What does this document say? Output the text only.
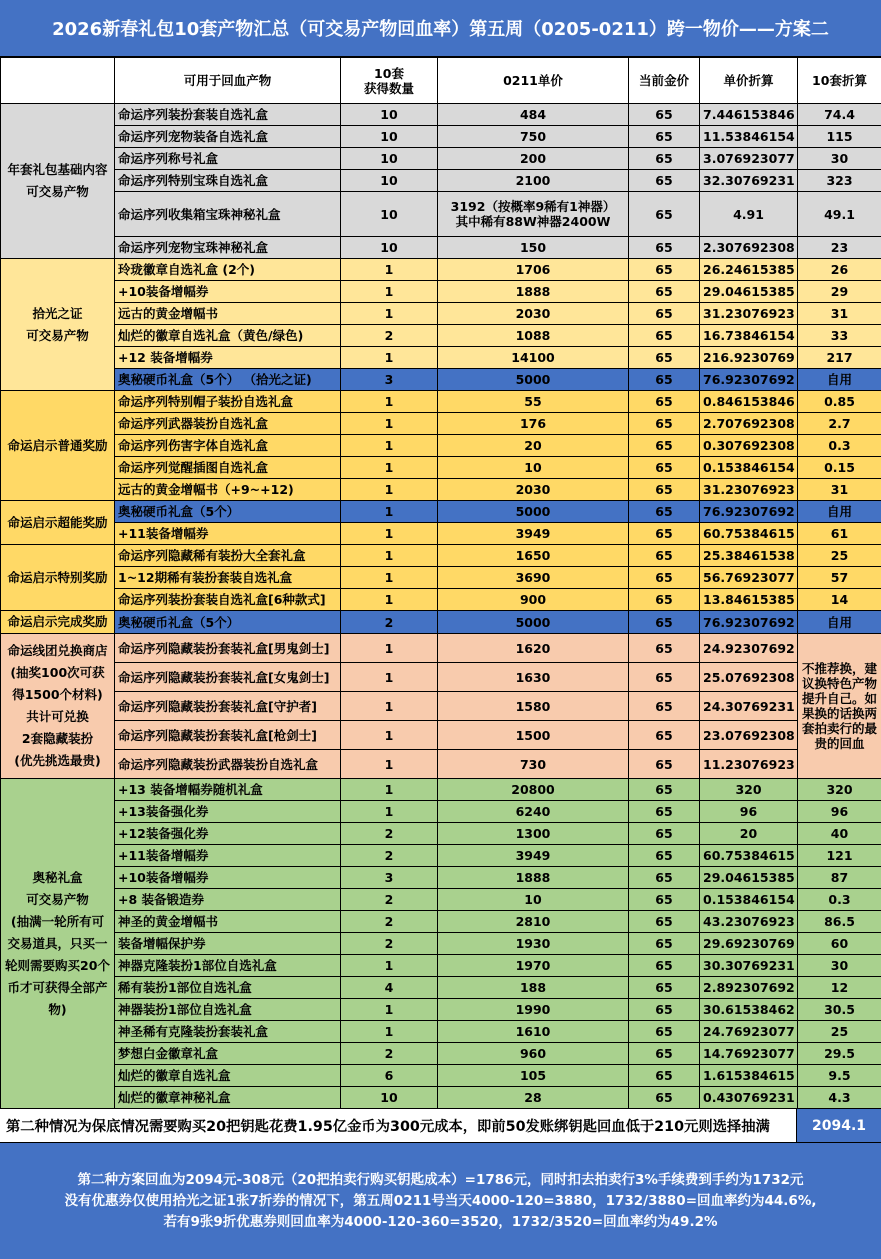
2026新春礼包10套产物汇总（可交易产物回血率）第五周（0205-0211）跨一物价——方案二
	可用于回血产物	10套
获得数量	0211单价	当前金价	单价折算	10套折算
年套礼包基础内容
可交易产物	命运序列装扮套装自选礼盒	10	484	65	7.446153846	74.4
	命运序列宠物装备自选礼盒	10	750	65	11.53846154	115
	命运序列称号礼盒	10	200	65	3.076923077	30
	命运序列特别宝珠自选礼盒	10	2100	65	32.30769231	323
	命运序列收集箱宝珠神秘礼盒	10	3192（按概率9稀有1神器）
其中稀有88W神器2400W	65	4.91	49.1
	命运序列宠物宝珠神秘礼盒	10	150	65	2.307692308	23
拾光之证
可交易产物	玲珑徽章自选礼盒 (2个)	1	1706	65	26.24615385	26
	+10装备增幅券	1	1888	65	29.04615385	29
	远古的黄金增幅书	1	2030	65	31.23076923	31
	灿烂的徽章自选礼盒（黄色/绿色)	2	1088	65	16.73846154	33
	+12 装备增幅券	1	14100	65	216.9230769	217
	奥秘硬币礼盒（5个） （拾光之证)	3	5000	65	76.92307692	自用
命运启示普通奖励	命运序列特别帽子装扮自选礼盒	1	55	65	0.846153846	0.85
	命运序列武器装扮自选礼盒	1	176	65	2.707692308	2.7
	命运序列伤害字体自选礼盒	1	20	65	0.307692308	0.3
	命运序列觉醒插图自选礼盒	1	10	65	0.153846154	0.15
	远古的黄金增幅书（+9~+12)	1	2030	65	31.23076923	31
命运启示超能奖励	奥秘硬币礼盒（5个）	1	5000	65	76.92307692	自用
	+11装备增幅券	1	3949	65	60.75384615	61
命运启示特别奖励	命运序列隐藏稀有装扮大全套礼盒	1	1650	65	25.38461538	25
	1~12期稀有装扮套装自选礼盒	1	3690	65	56.76923077	57
	命运序列装扮套装自选礼盒[6种款式]	1	900	65	13.84615385	14
命运启示完成奖励	奥秘硬币礼盒（5个）	2	5000	65	76.92307692	自用
命运线团兑换商店
(抽奖100次可获
得1500个材料)
共计可兑换
2套隐藏装扮
(优先挑选最贵)	命运序列隐藏装扮套装礼盒[男鬼剑士]	1	1620	65	24.92307692	不推荐换，建议换特色产物提升自己。如果换的话换两套拍卖行的最贵的回血
	命运序列隐藏装扮套装礼盒[女鬼剑士]	1	1630	65	25.07692308	
	命运序列隐藏装扮套装礼盒[守护者]	1	1580	65	24.30769231	
	命运序列隐藏装扮套装礼盒[枪剑士]	1	1500	65	23.07692308	
	命运序列隐藏装扮武器装扮自选礼盒	1	730	65	11.23076923	
奥秘礼盒
可交易产物
(抽满一轮所有可
交易道具，只买一
轮则需要购买20个
币才可获得全部产
物)	+13 装备增幅券随机礼盒	1	20800	65	320	320
	+13装备强化券	1	6240	65	96	96
	+12装备强化券	2	1300	65	20	40
	+11装备增幅券	2	3949	65	60.75384615	121
	+10装备增幅券	3	1888	65	29.04615385	87
	+8 装备锻造券	2	10	65	0.153846154	0.3
	神圣的黄金增幅书	2	2810	65	43.23076923	86.5
	装备增幅保护券	2	1930	65	29.69230769	60
	神器克隆装扮1部位自选礼盒	1	1970	65	30.30769231	30
	稀有装扮1部位自选礼盒	4	188	65	2.892307692	12
	神器装扮1部位自选礼盒	1	1990	65	30.61538462	30.5
	神圣稀有克隆装扮套装礼盒	1	1610	65	24.76923077	25
	梦想白金徽章礼盒	2	960	65	14.76923077	29.5
	灿烂的徽章自选礼盒	6	105	65	1.615384615	9.5
	灿烂的徽章神秘礼盒	10	28	65	0.430769231	4.3
第二种情况为保底情况需要购买20把钥匙花费1.95亿金币为300元成本，即前50发账绑钥匙回血低于210元则选择抽满	2094.1
第二种方案回血为2094元-308元（20把拍卖行购买钥匙成本）=1786元，同时扣去拍卖行3%手续费到手约为1732元
没有优惠券仅使用拾光之证1张7折券的情况下，第五周0211号当天4000-120=3880，1732/3880=回血率约为44.6%,
若有9张9折优惠券则回血率为4000-120-360=3520，1732/3520=回血率约为49.2%
